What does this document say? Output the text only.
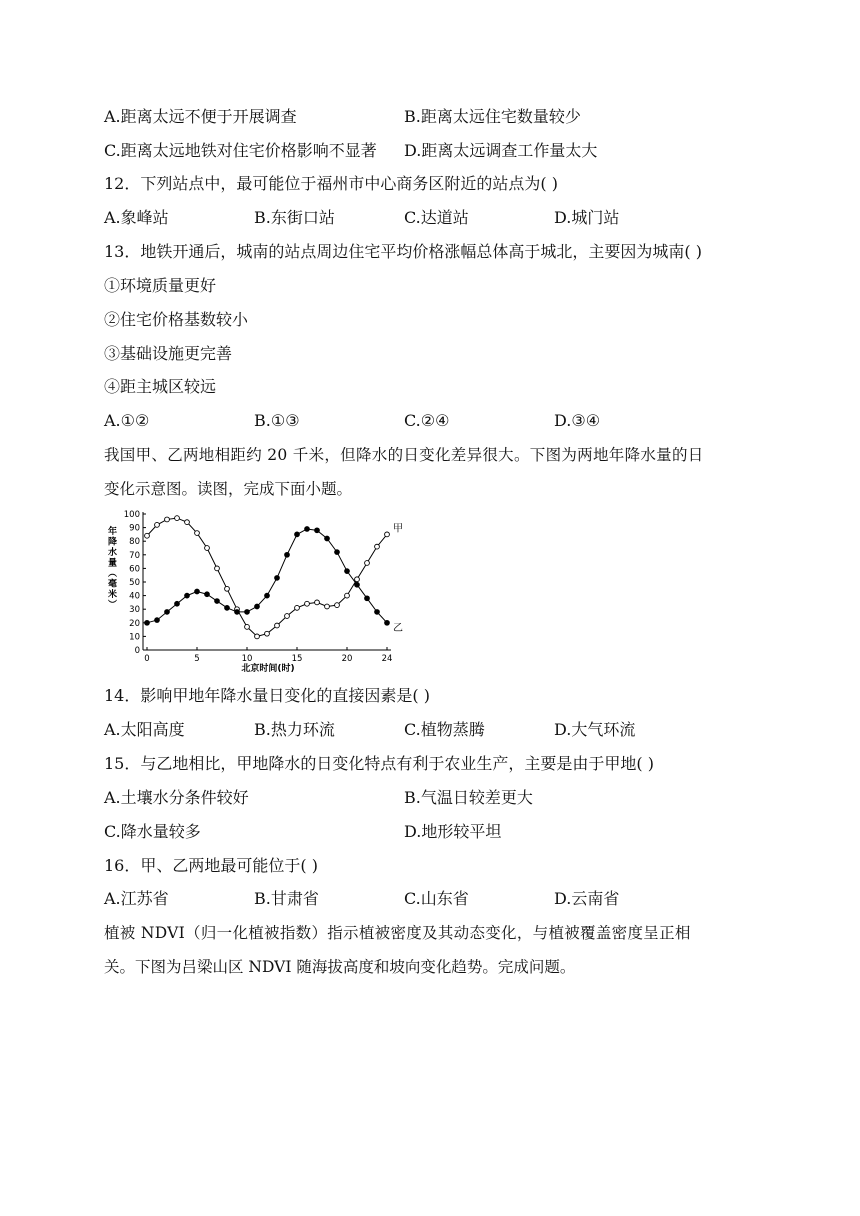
A.距离太远不便于开展调查	B.距离太远住宅数量较少
C.距离太远地铁对住宅价格影响不显著 D.距离太远调查工作量太大
12．下列站点中，最可能位于福州市中心商务区附近的站点为( )
A.象峰站	B.东街口站	C.达道站	D.城门站
13．地铁开通后，城南的站点周边住宅平均价格涨幅总体高于城北，主要因为城南( )
①环境质量更好
②住宅价格基数较小
③基础设施更完善
④距主城区较远
A.①②	B.①③	C.②④	D.③④
我国甲、乙两地相距约 20 千米，但降水的日变化差异很大。下图为两地年降水量的日
变化示意图。读图，完成下面小题。
0
10
20
30
40
50
60
70
80
90
100
0	5	10	15	20	24
甲
乙
年降水量︵毫米︶
北京时间(时)
14．影响甲地年降水量日变化的直接因素是( )
A.太阳高度	B.热力环流	C.植物蒸腾	D.大气环流
15．与乙地相比，甲地降水的日变化特点有利于农业生产，主要是由于甲地( )
A.土壤水分条件较好	B.气温日较差更大
C.降水量较多	D.地形较平坦
16．甲、乙两地最可能位于( )
A.江苏省	B.甘肃省	C.山东省	D.云南省
植被 NDVI（归一化植被指数）指示植被密度及其动态变化，与植被覆盖密度呈正相
关。下图为吕梁山区 NDVI 随海拔高度和坡向变化趋势。完成问题。
